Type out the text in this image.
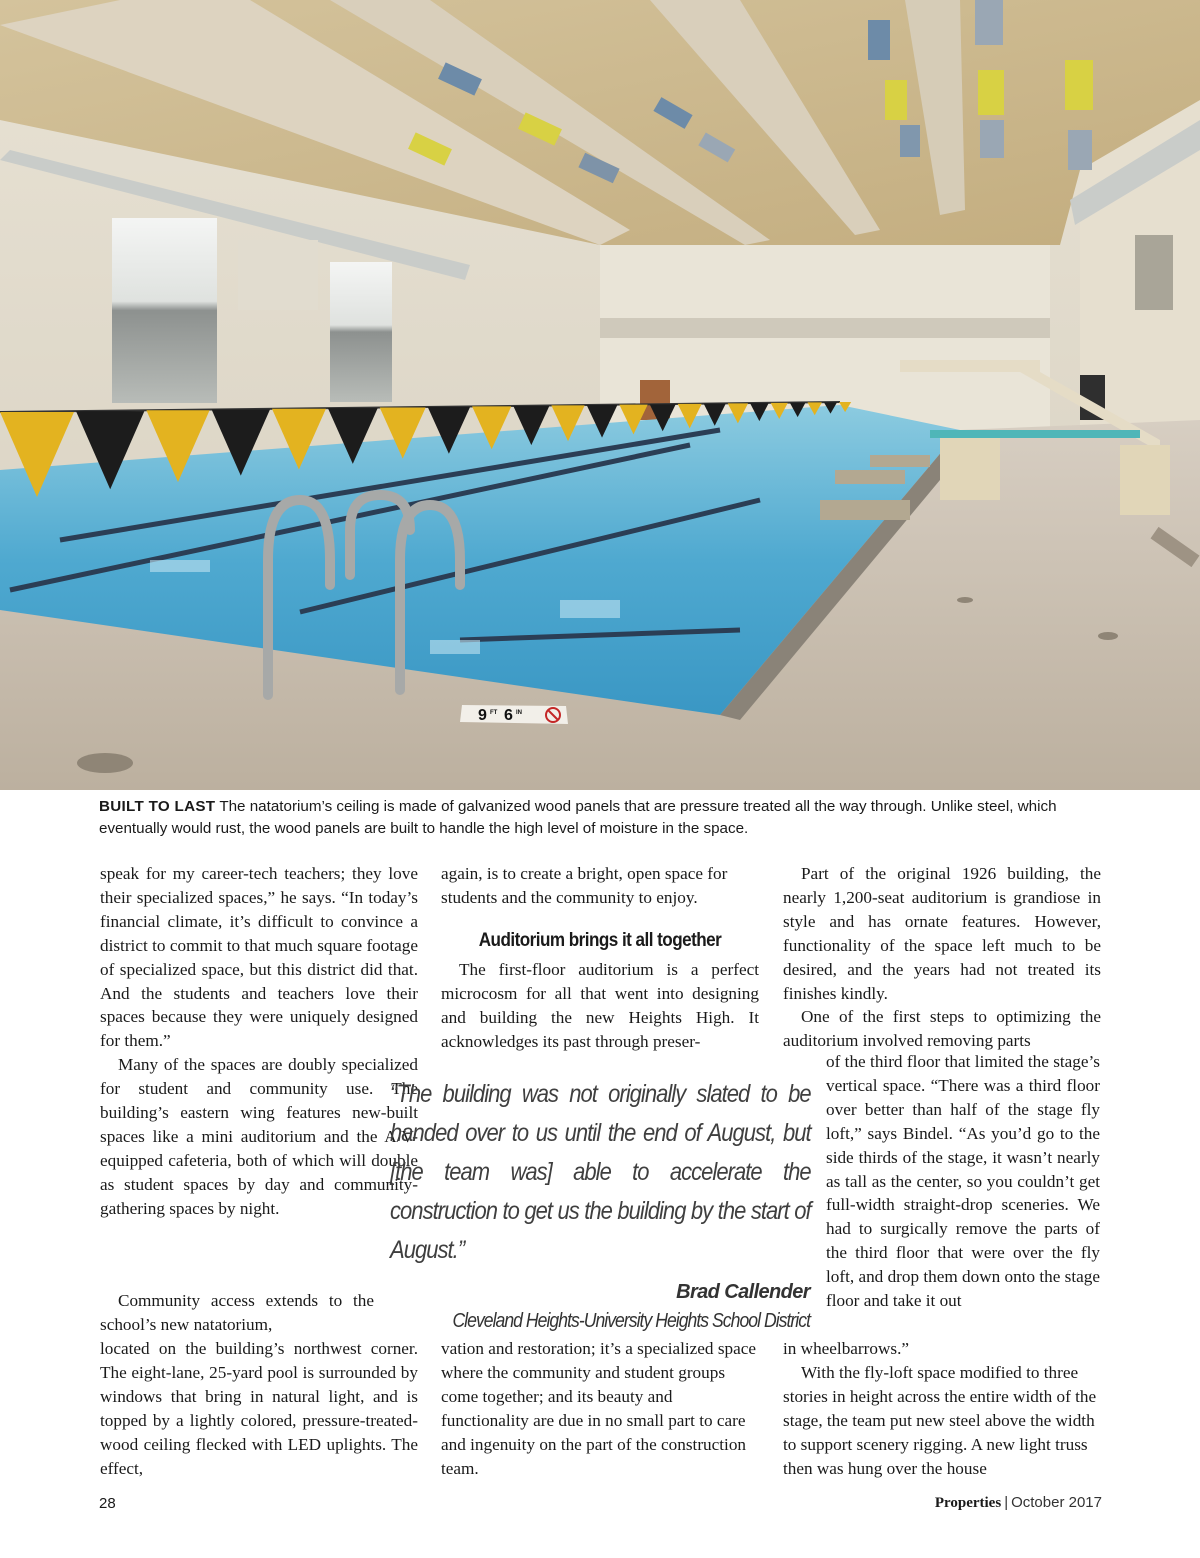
9 FT 6 IN
BUILT TO LAST The natatorium’s ceiling is made of galvanized wood panels that are pressure treated all the way through. Unlike steel, which eventually would rust, the wood panels are built to handle the high level of moisture in the space.

speak for my career-tech teachers; they love their specialized spaces,” he says. “In today’s financial climate, it’s difficult to convince a district to commit to that much square footage of specialized space, but this district did that. And the students and teachers love their spaces because they were uniquely designed for them.”

Many of the spaces are doubly specialized for student and community use. The building’s eastern wing features new-built spaces like a mini auditorium and the A/V-equipped cafeteria, both of which will double as student spaces by day and community-gathering spaces by night.

Community access extends to the school’s new natatorium,

located on the building’s northwest corner. The eight-lane, 25-yard pool is surrounded by windows that bring in natural light, and is topped by a lightly colored, pressure-treated-wood ceiling flecked with LED uplights. The effect,

again, is to create a bright, open space for students and the community to enjoy.

The first-floor auditorium is a perfect microcosm for all that went into designing and building the new Heights High. It acknowledges its past through preser-

Auditorium brings it all together

vation and restoration; it’s a specialized space where the community and student groups come together; and its beauty and functionality are due in no small part to care and ingenuity on the part of the construction team.

Part of the original 1926 building, the nearly 1,200-seat auditorium is grandiose in style and has ornate features. However, functionality of the space left much to be desired, and the years had not treated its finishes kindly.

One of the first steps to optimizing the auditorium involved removing parts

of the third floor that limited the stage’s vertical space. “There was a third floor over better than half of the stage fly loft,” says Bindel. “As you’d go to the side thirds of the stage, it wasn’t nearly as tall as the center, so you couldn’t get full-width straight-drop sceneries. We had to surgically remove the parts of the third floor that were over the fly loft, and drop them down onto the stage floor and take it out

in wheelbarrows.”

With the fly-loft space modified to three stories in height across the entire width of the stage, the team put new steel above the width to support scenery rigging. A new light truss then was hung over the house

“The building was not originally slated to be handed over to us until the end of August, but [the team was] able to accelerate the construction to get us the building by the start of August.”
Brad Callender
Cleveland Heights-University Heights School District
28	Properties | October 2017
